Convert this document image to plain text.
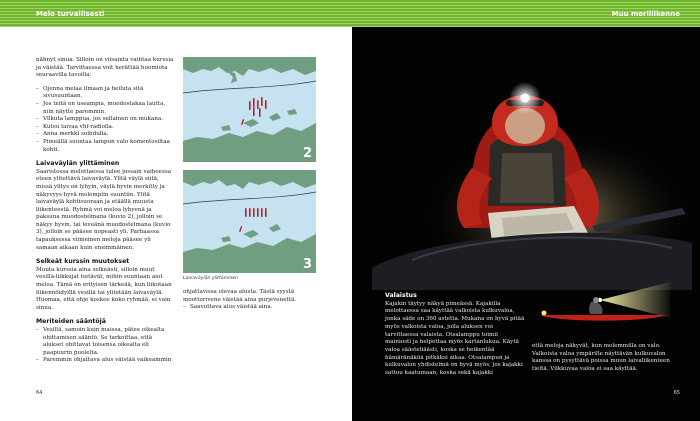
Melo turvallisesti

nähnyt sinua. Silloin on viisainta vaihtaa kurssia ja väistää. Tarvittaessa voit herättää huomiota seuraavilla tavoilla:

– Ojenna melaa ilmaan ja heiluta sitä sivusuuntaan.
– Jos teitä on useampia, muodostakaa lautta, niin näytte paremmin.
– Vilkuta lamppua, jos sellainen on mukana.
– Kutsu laivaa vhf-radiolla.
– Anna merkki soihdulla.
– Pimeällä suuntaa lampun valo komentosiltaa kohti.
Laivaväylän ylittäminen

Saaristossa melottaessa tulee jossain vaiheessa eteen ylitettävä laivaväylä. Ylitä väylä siitä, missä ylitys on lyhyin, väylä hyvin merkitty ja näkyvyys hyvä molempiin suuntiin. Ylitä laivaväylä kohtisuoraan ja etäällä muusta liikenteestä. Ryhmä voi meloa lyhyenä ja paksuna muodostelmana (kuvio 2), jolloin se näkyy hyvin, tai leveänä muodostelmana (kuvio 3), jolloin se pääsee nopeasti yli. Parhaassa tapauksessa viimeinen meloja pääsee yli samaan aikaan kuin ensimmäinen.

Selkeät kurssin muutokset

Muuta kurssia aina selkeästi, silloin muut vesillä-liikkujat tietävät, mihin suuntaan aiot meloa. Tämä on erityisen tärkeää, kun liikutaan liikennöidyillä vesillä tai ylitetään laivaväylä. Huomaa, että ohje koskee koko ryhmää, ei vain sinua.

Meriteiden sääntöjä
– Vesillä, samoin kuin maissa, pätee oikealta ohittamisen sääntö. Se tarkoittaa, että alukset ohittavat toisensa oikealta eli paapuurin puolelta.
– Paremmin ohjattava alus väistää vaikeammin
2
3
Laivaväylän ylittäminen

ohjattavissa olevaa alusta. Tästä syystä moottorivene väistää aina purjevenettä.

– Saavuttava alus väistää aina.
64
Muu meriliikenne
Valaistus

Kajakin täytyy näkyä pimeässä. Kajakilla melottaessa saa käyttää valkoista kulkuvaloa, jonka säde on 360 astetta. Mukana on hyvä pitää myös valkoista valoa, jolla aluksen voi tarvittaessa valaista. Otsalamppu toimii mainiosti ja helpottaa myös kartanlukua. Käytä valoa säästeliäästi, koska se heikentää hämäränäköä pitkäksi aikaa. Otsalampun ja kulkuvalon yhdistelmä on hyvä myös, jos kajakki sattuu kaatumaan, koska sekä kajakki

että meloja näkyvät, kun molemmilla on valo. Valkoista valoa ympärille näyttävän kulkuvalon kanssa on pysyttävä poissa muun laivaliikenteen tieltä. Vilkkuvaa valoa ei saa käyttää.

65
